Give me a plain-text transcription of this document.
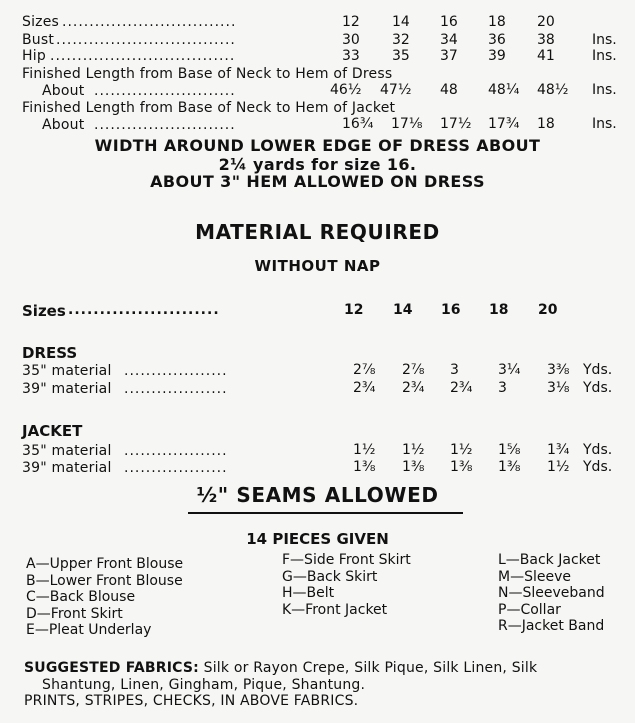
Sizes ................................	12 14 16 18 20
Bust .................................	30 32 34 36 38	Ins.
Hip ..................................	33 35 37 39 41	Ins.
Finished Length from Base of Neck to Hem of Dress
About ..........................	46½ 47½ 48 48¼ 48½ Ins.
Finished Length from Base of Neck to Hem of Jacket
About ..........................	16¾ 17⅛ 17½ 17¾ 18	Ins.
WIDTH AROUND LOWER EDGE OF DRESS ABOUT
2¼ yards for size 16.
ABOUT 3" HEM ALLOWED ON DRESS
MATERIAL REQUIRED
WITHOUT NAP
Sizes ........................	12 14 16 18 20
DRESS
35" material ...................	2⅞ 2⅞ 3	3¼ 3⅜ Yds.
39" material ...................	2¾ 2¾ 2¾ 3	3⅛ Yds.
JACKET
35" material ...................	1½ 1½ 1½ 1⅝ 1¾ Yds.
39" material ...................	1⅜ 1⅜ 1⅜ 1⅜ 1½ Yds.
½" SEAMS ALLOWED
14 PIECES GIVEN
A—Upper Front Blouse
B—Lower Front Blouse
C—Back Blouse
D—Front Skirt
E—Pleat Underlay
F—Side Front Skirt
G—Back Skirt
H—Belt
K—Front Jacket
L—Back Jacket
M—Sleeve
N—Sleeveband
P—Collar
R—Jacket Band
SUGGESTED FABRICS: Silk or Rayon Crepe, Silk Pique, Silk Linen, Silk
Shantung, Linen, Gingham, Pique, Shantung.
PRINTS, STRIPES, CHECKS, IN ABOVE FABRICS.
